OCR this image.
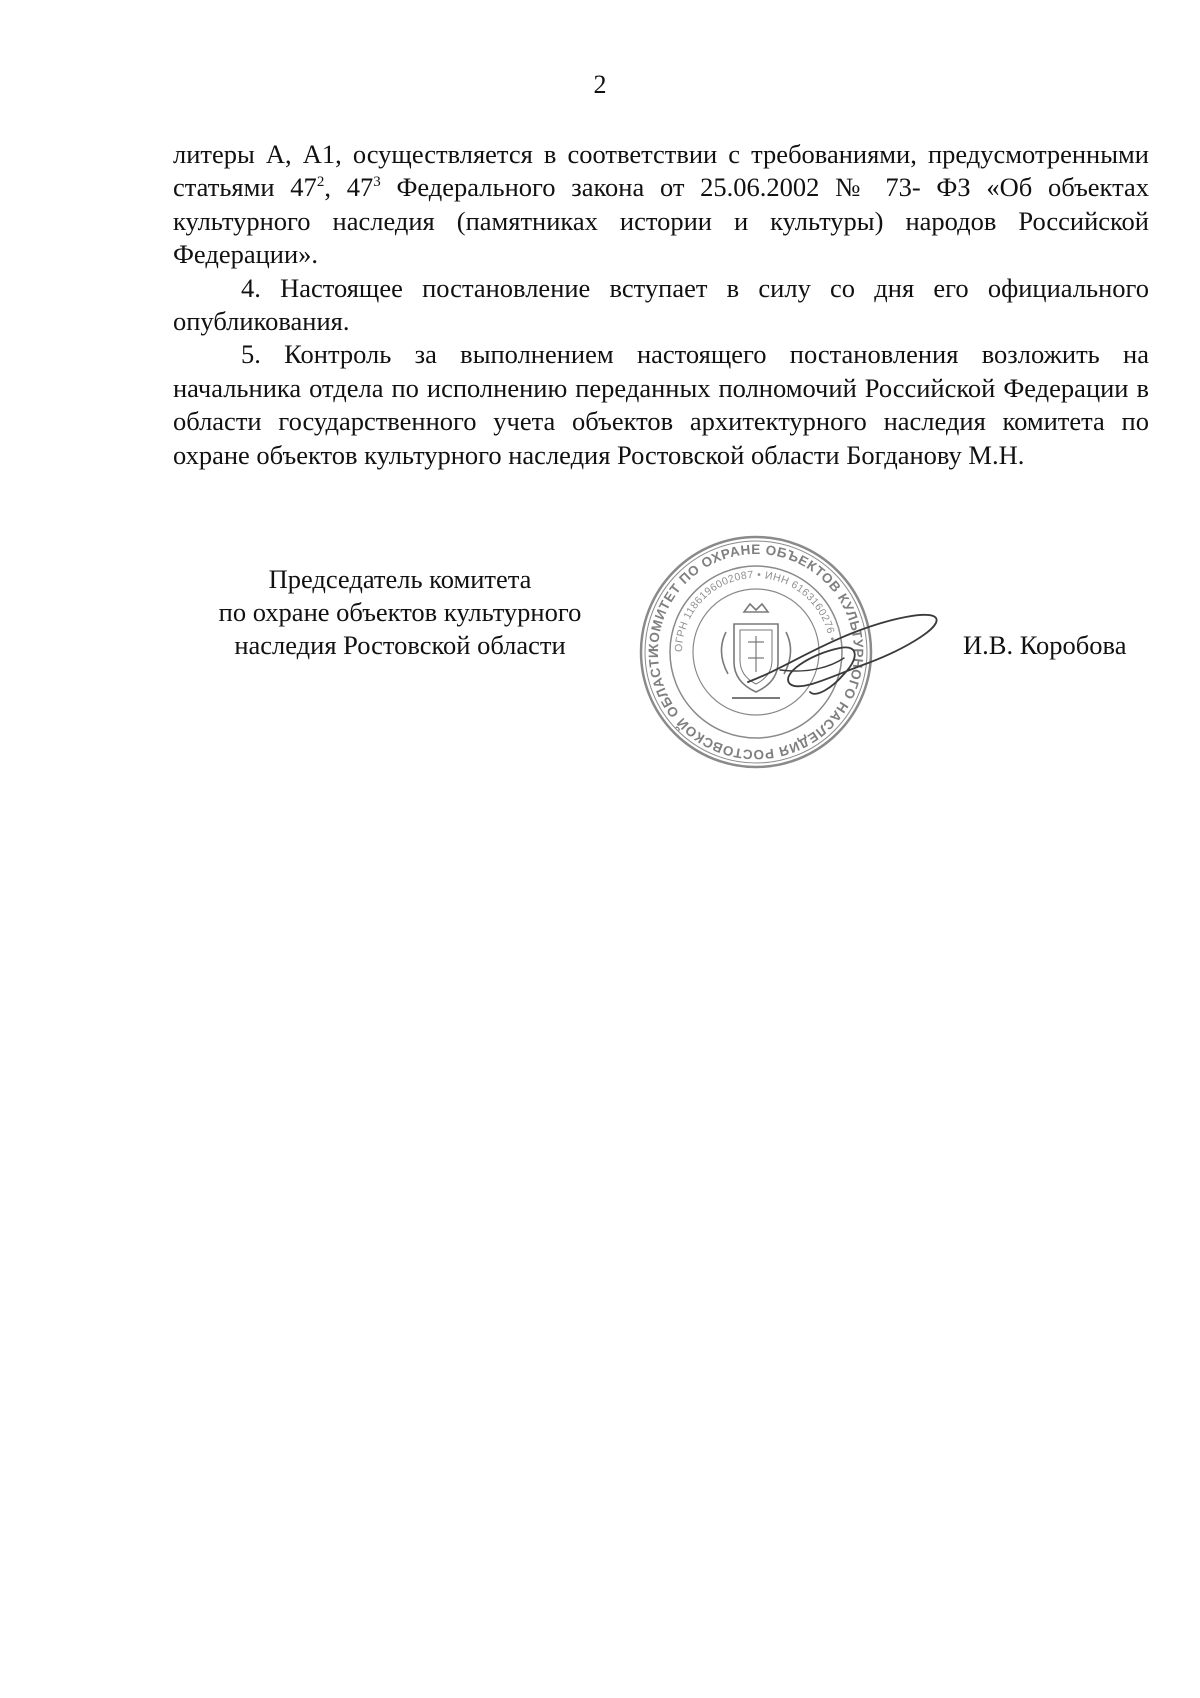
2

литеры А, А1, осуществляется в соответствии с требованиями, предусмотренными статьями $47^2$, $47^3$ Федерального закона от 25.06.2002 № 73- ФЗ «Об объектах культурного наследия (памятниках истории и культуры) народов Российской Федерации».

4. Настоящее постановление вступает в силу со дня его официального опубликования.

5. Контроль за выполнением настоящего постановления возложить на начальника отдела по исполнению переданных полномочий Российской Федерации в области государственного учета объектов архитектурного наследия комитета по охране объектов культурного наследия Ростовской области Богданову М.Н.

Председатель комитета
по охране объектов культурного
наследия Ростовской области	КОМИТЕТ ПО ОХРАНЕ ОБЪЕКТОВ КУЛЬТУРНОГО НАСЛЕДИЯ РОСТОВСКОЙ ОБЛАСТИ
ОГРН 1186196002087 • ИНН 6163160276 •	И.В. Коробова
